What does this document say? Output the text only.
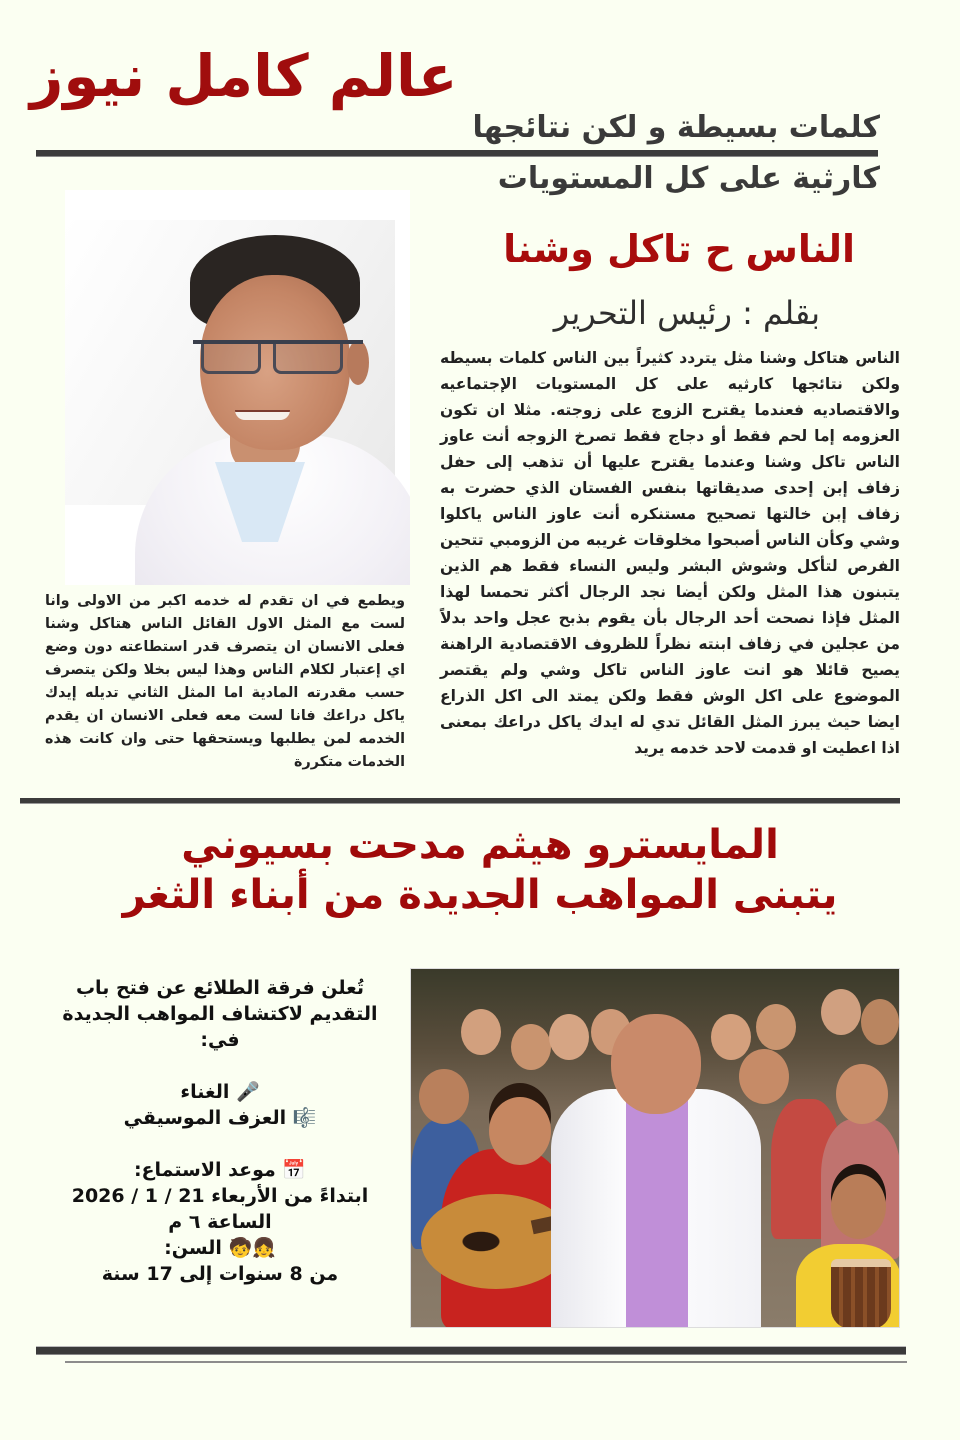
عالم كامل نيوز
كلمات بسيطة و لكن نتائجها
كارثية على كل المستويات
الناس ح تاكل وشنا
بقلم : رئيس التحرير
الناس هتاكل وشنا مثل يتردد كثيراً بين الناس كلمات بسيطه ولكن نتائجها كارثيه على كل المستويات الإجتماعيه والاقتصاديه فعندما يقترح الزوج على زوجته. مثلا ان تكون العزومه إما لحم فقط أو دجاج فقط تصرخ الزوجه أنت عاوز الناس تاكل وشنا وعندما يقترح عليها أن تذهب إلى حفل زفاف إبن إحدى صديقاتها بنفس الفستان الذي حضرت به زفاف إبن خالتها تصحيح مستنكره أنت عاوز الناس ياكلوا وشي وكأن الناس أصبحوا مخلوقات غريبه من الزومبي تتحين الفرص لتأكل وشوش البشر وليس النساء فقط هم الذين يتبنون هذا المثل ولكن أيضا نجد الرجال أكثر تحمسا لهذا المثل فإذا نصحت أحد الرجال بأن يقوم بذبح عجل واحد بدلاً من عجلين في زفاف ابنته نظراً للظروف الاقتصادية الراهنة يصيح قائلا هو انت عاوز الناس تاكل وشي ولم يقتصر الموضوع على اكل الوش فقط ولكن يمتد الى اكل الذراع ايضا حيث يبرز المثل القائل تدي له ايدك ياكل دراعك بمعنى اذا اعطيت او قدمت لاحد خدمه يريد
ويطمع في ان تقدم له خدمه اكبر من الاولى وانا لست مع المثل الاول القائل الناس هتاكل وشنا فعلى الانسان ان يتصرف قدر استطاعته دون وضع اي إعتبار لكلام الناس وهذا ليس بخلا ولكن يتصرف حسب مقدرته المادية اما المثل الثاني تديله إيدك ياكل دراعك فانا لست معه فعلى الانسان ان يقدم الخدمه لمن يطلبها ويستحقها حتى وان كانت هذه الخدمات متكررة
المايسترو هيثم مدحت بسيوني
يتبنى المواهب الجديدة من أبناء الثغر
تُعلن فرقة الطلائع عن فتح باب التقديم لاكتشاف المواهب الجديدة في:
🎤 الغناء
🎼 العزف الموسيقي
📅 موعد الاستماع:
ابتداءً من الأربعاء 21 / 1 / 2026
الساعة ٦ م
👧🧒 السن:
من 8 سنوات إلى 17 سنة
